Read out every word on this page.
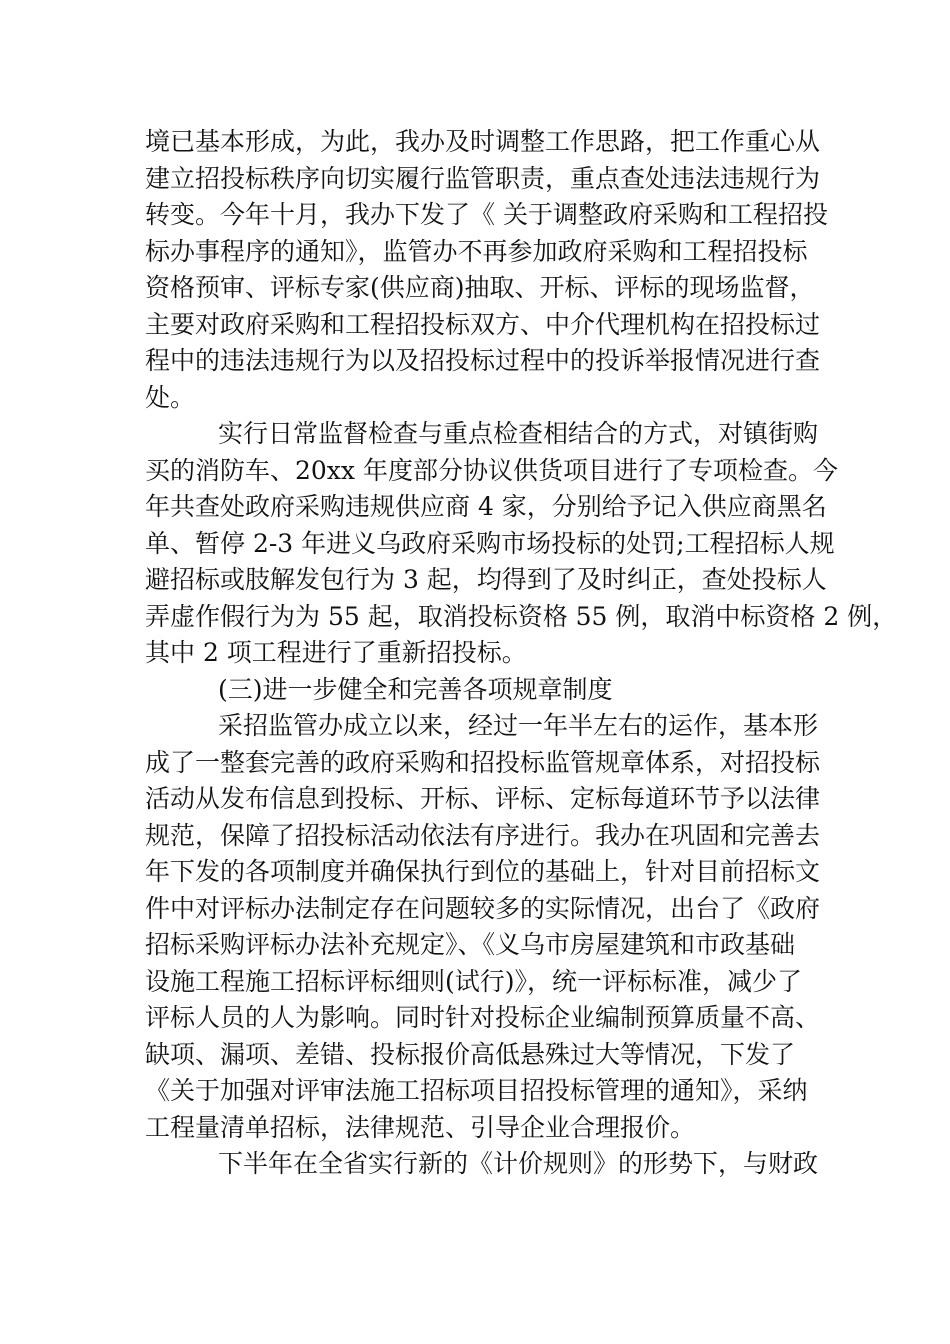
境已基本形成，为此，我办及时调整工作思路，把工作重心从
建立招投标秩序向切实履行监管职责，重点查处违法违规行为
转变。今年十月，我办下发了《 关于调整政府采购和工程招投
标办事程序的通知》，监管办不再参加政府采购和工程招投标
资格预审、评标专家(供应商)抽取、开标、评标的现场监督，
主要对政府采购和工程招投标双方、中介代理机构在招投标过
程中的违法违规行为以及招投标过程中的投诉举报情况进行查
处。
实行日常监督检查与重点检查相结合的方式，对镇街购
买的消防车、20xx 年度部分协议供货项目进行了专项检查。今
年共查处政府采购违规供应商 4 家，分别给予记入供应商黑名
单、暂停 2-3 年进义乌政府采购市场投标的处罚;工程招标人规
避招标或肢解发包行为 3 起，均得到了及时纠正，查处投标人
弄虚作假行为为 55 起，取消投标资格 55 例，取消中标资格 2 例，
其中 2 项工程进行了重新招投标。
(三)进一步健全和完善各项规章制度
采招监管办成立以来，经过一年半左右的运作，基本形
成了一整套完善的政府采购和招投标监管规章体系，对招投标
活动从发布信息到投标、开标、评标、定标每道环节予以法律
规范，保障了招投标活动依法有序进行。我办在巩固和完善去
年下发的各项制度并确保执行到位的基础上，针对目前招标文
件中对评标办法制定存在问题较多的实际情况，出台了《政府
招标采购评标办法补充规定》、《义乌市房屋建筑和市政基础
设施工程施工招标评标细则(试行)》，统一评标标准，减少了
评标人员的人为影响。同时针对投标企业编制预算质量不高、
缺项、漏项、差错、投标报价高低悬殊过大等情况，下发了
《关于加强对评审法施工招标项目招投标管理的通知》，采纳
工程量清单招标，法律规范、引导企业合理报价。
下半年在全省实行新的《计价规则》的形势下，与财政
